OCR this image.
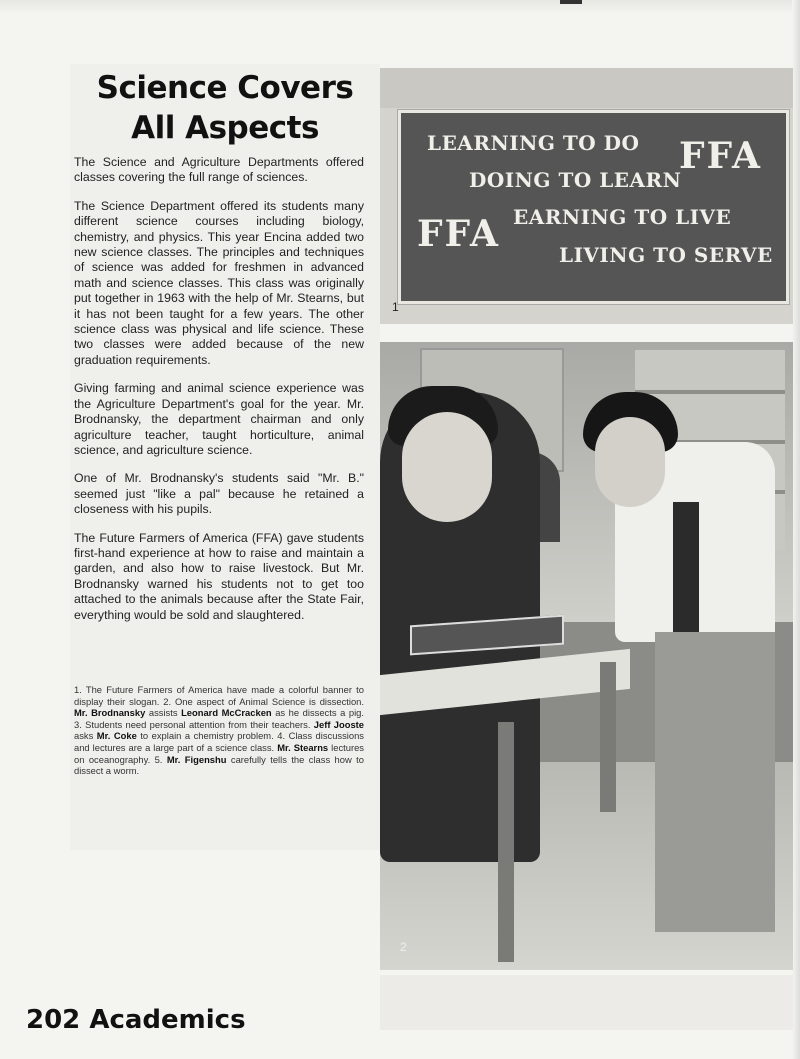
Science Covers
All Aspects

The Science and Agriculture Departments offered classes covering the full range of sciences.

The Science Department offered its students many different science courses including biology, chemistry, and physics. This year Encina added two new science classes. The principles and techniques of science was added for freshmen in advanced math and science classes. This class was originally put together in 1963 with the help of Mr. Stearns, but it has not been taught for a few years. The other science class was physical and life science. These two classes were added because of the new graduation requirements.

Giving farming and animal science experience was the Agriculture Department's goal for the year. Mr. Brodnansky, the department chairman and only agriculture teacher, taught horticulture, animal science, and agriculture science.

One of Mr. Brodnansky's students said "Mr. B." seemed just "like a pal" because he retained a closeness with his pupils.

The Future Farmers of America (FFA) gave students first-hand experience at how to raise and maintain a garden, and also how to raise livestock. But Mr. Brodnansky warned his students not to get too attached to the animals because after the State Fair, everything would be sold and slaughtered.

1. The Future Farmers of America have made a colorful banner to display their slogan. 2. One aspect of Animal Science is dissection. Mr. Brodnansky assists Leonard McCracken as he dissects a pig. 3. Students need personal attention from their teachers. Jeff Jooste asks Mr. Coke to explain a chemistry problem. 4. Class discussions and lectures are a large part of a science class. Mr. Stearns lectures on oceanography. 5. Mr. Figenshu carefully tells the class how to dissect a worm.

LEARNING TO DO
DOING TO LEARN
EARNING TO LIVE
LIVING TO SERVE
FFA
FFA
1
2

202 Academics
